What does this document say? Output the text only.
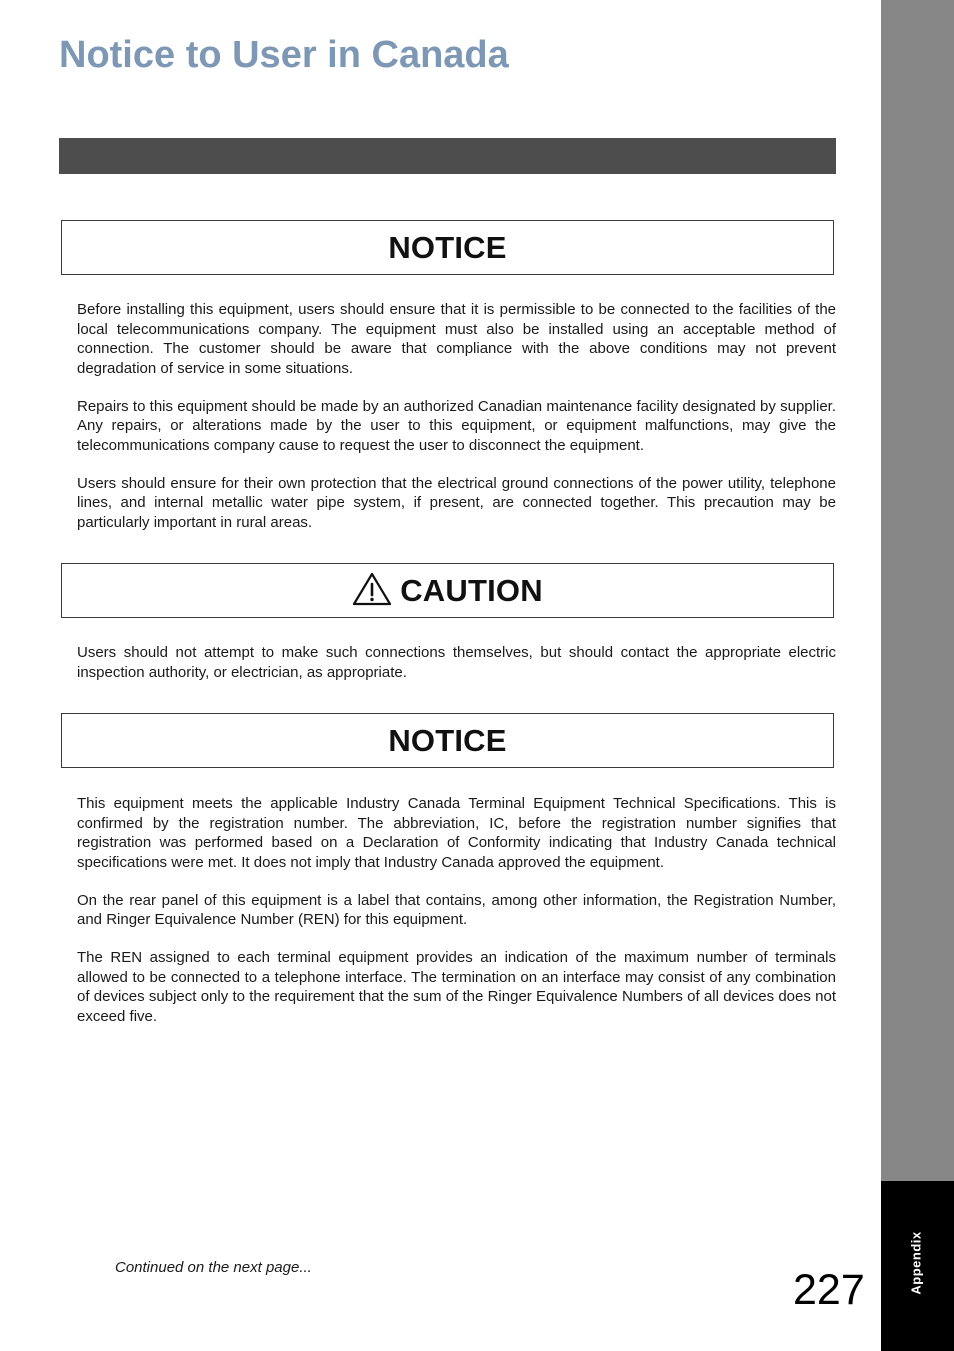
Appendix
Notice to User in Canada
NOTICE

Before installing this equipment, users should ensure that it is permissible to be connected to the facilities of the local telecommunications company. The equipment must also be installed using an acceptable method of connection. The customer should be aware that compliance with the above conditions may not prevent degradation of service in some situations.

Repairs to this equipment should be made by an authorized Canadian maintenance facility designated by supplier. Any repairs, or alterations made by the user to this equipment, or equipment malfunctions, may give the telecommunications company cause to request the user to disconnect the equipment.

Users should ensure for their own protection that the electrical ground connections of the power utility, telephone lines, and internal metallic water pipe system, if present, are connected together. This precaution may be particularly important in rural areas.

CAUTION

Users should not attempt to make such connections themselves, but should contact the appropriate electric inspection authority, or electrician, as appropriate.

NOTICE

This equipment meets the applicable Industry Canada Terminal Equipment Technical Specifications. This is confirmed by the registration number. The abbreviation, IC, before the registration number signifies that registration was performed based on a Declaration of Conformity indicating that Industry Canada technical specifications were met. It does not imply that Industry Canada approved the equipment.

On the rear panel of this equipment is a label that contains, among other information, the Registration Number, and Ringer Equivalence Number (REN) for this equipment.

The REN assigned to each terminal equipment provides an indication of the maximum number of terminals allowed to be connected to a telephone interface. The termination on an interface may consist of any combination of devices subject only to the requirement that the sum of the Ringer Equivalence Numbers of all devices does not exceed five.

Continued on the next page...	227
